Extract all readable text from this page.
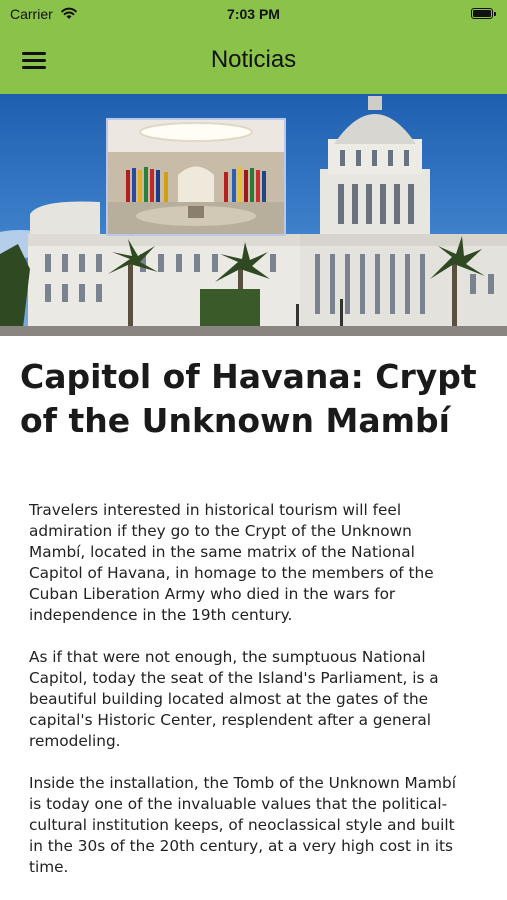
Carrier	7:03 PM
Noticias
Capitol of Havana: Crypt of the Unknown Mambí

Travelers interested in historical tourism will feel admiration if they go to the Crypt of the Unknown Mambí, located in the same matrix of the National Capitol of Havana, in homage to the members of the Cuban Liberation Army who died in the wars for independence in the 19th century.

As if that were not enough, the sumptuous National Capitol, today the seat of the Island's Parliament, is a beautiful building located almost at the gates of the capital's Historic Center, resplendent after a general remodeling.

Inside the installation, the Tomb of the Unknown Mambí is today one of the invaluable values that the political-cultural institution keeps, of neoclassical style and built in the 30s of the 20th century, at a very high cost in its time.
